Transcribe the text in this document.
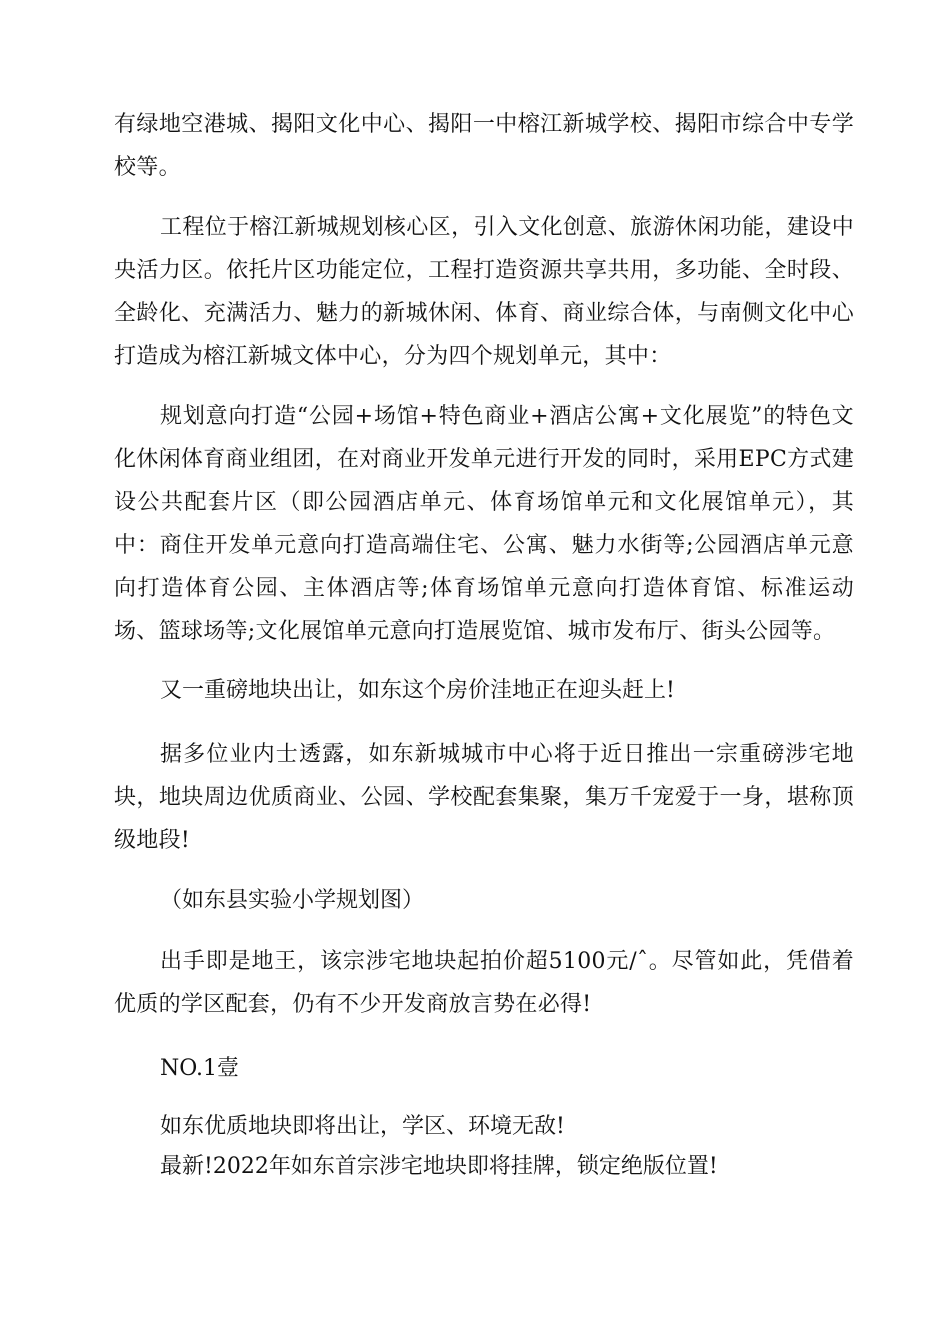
有绿地空港城、揭阳文化中心、揭阳一中榕江新城学校、揭阳市综合中专学校等。

工程位于榕江新城规划核心区，引入文化创意、旅游休闲功能，建设中央活力区。依托片区功能定位，工程打造资源共享共用，多功能、全时段、全龄化、充满活力、魅力的新城休闲、体育、商业综合体，与南侧文化中心打造成为榕江新城文体中心，分为四个规划单元，其中：

规划意向打造“公园+场馆+特色商业+酒店公寓+文化展览”的特色文化休闲体育商业组团，在对商业开发单元进行开发的同时，采用EPC方式建设公共配套片区（即公园酒店单元、体育场馆单元和文化展馆单元），其中：商住开发单元意向打造高端住宅、公寓、魅力水街等;公园酒店单元意向打造体育公园、主体酒店等;体育场馆单元意向打造体育馆、标准运动场、篮球场等;文化展馆单元意向打造展览馆、城市发布厅、街头公园等。

又一重磅地块出让，如东这个房价洼地正在迎头赶上!

据多位业内士透露，如东新城城市中心将于近日推出一宗重磅涉宅地块，地块周边优质商业、公园、学校配套集聚，集万千宠爱于一身，堪称顶级地段!

（如东县实验小学规划图）

出手即是地王，该宗涉宅地块起拍价超5100元/ˆ。尽管如此，凭借着优质的学区配套，仍有不少开发商放言势在必得!

NO.1壹

如东优质地块即将出让，学区、环境无敌!

最新!2022年如东首宗涉宅地块即将挂牌，锁定绝版位置!
